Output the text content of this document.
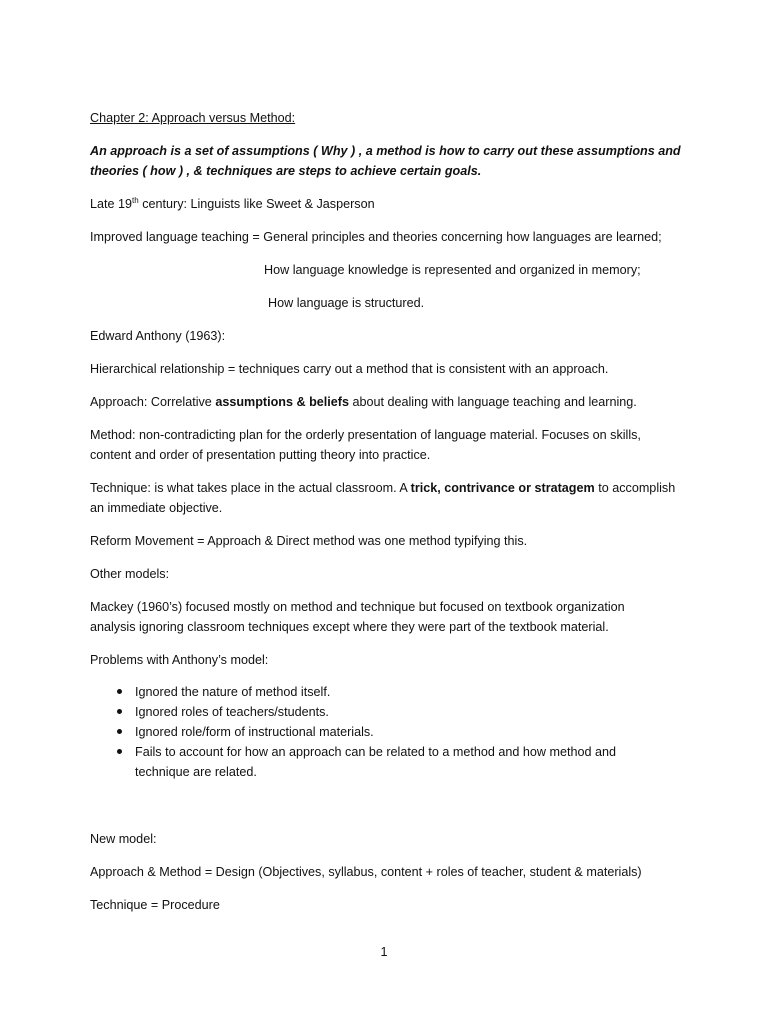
Chapter 2: Approach versus Method:
An approach is a set of assumptions ( Why ) , a method is how to carry out these assumptions and
theories ( how ) , & techniques are steps to achieve certain goals.
Late 19th century: Linguists like Sweet & Jasperson
Improved language teaching = General principles and theories concerning how languages are learned;
How language knowledge is represented and organized in memory;
How language is structured.
Edward Anthony (1963):
Hierarchical relationship = techniques carry out a method that is consistent with an approach.
Approach: Correlative assumptions & beliefs about dealing with language teaching and learning.
Method: non-contradicting plan for the orderly presentation of language material. Focuses on skills,
content and order of presentation putting theory into practice.
Technique: is what takes place in the actual classroom. A trick, contrivance or stratagem to accomplish
an immediate objective.
Reform Movement = Approach & Direct method was one method typifying this.
Other models:
Mackey (1960’s) focused mostly on method and technique but focused on textbook organization
analysis ignoring classroom techniques except where they were part of the textbook material.
Problems with Anthony’s model:
Ignored the nature of method itself.
Ignored roles of teachers/students.
Ignored role/form of instructional materials.
Fails to account for how an approach can be related to a method and how method and technique are related.
New model:
Approach & Method = Design (Objectives, syllabus, content + roles of teacher, student & materials)
Technique = Procedure
1
